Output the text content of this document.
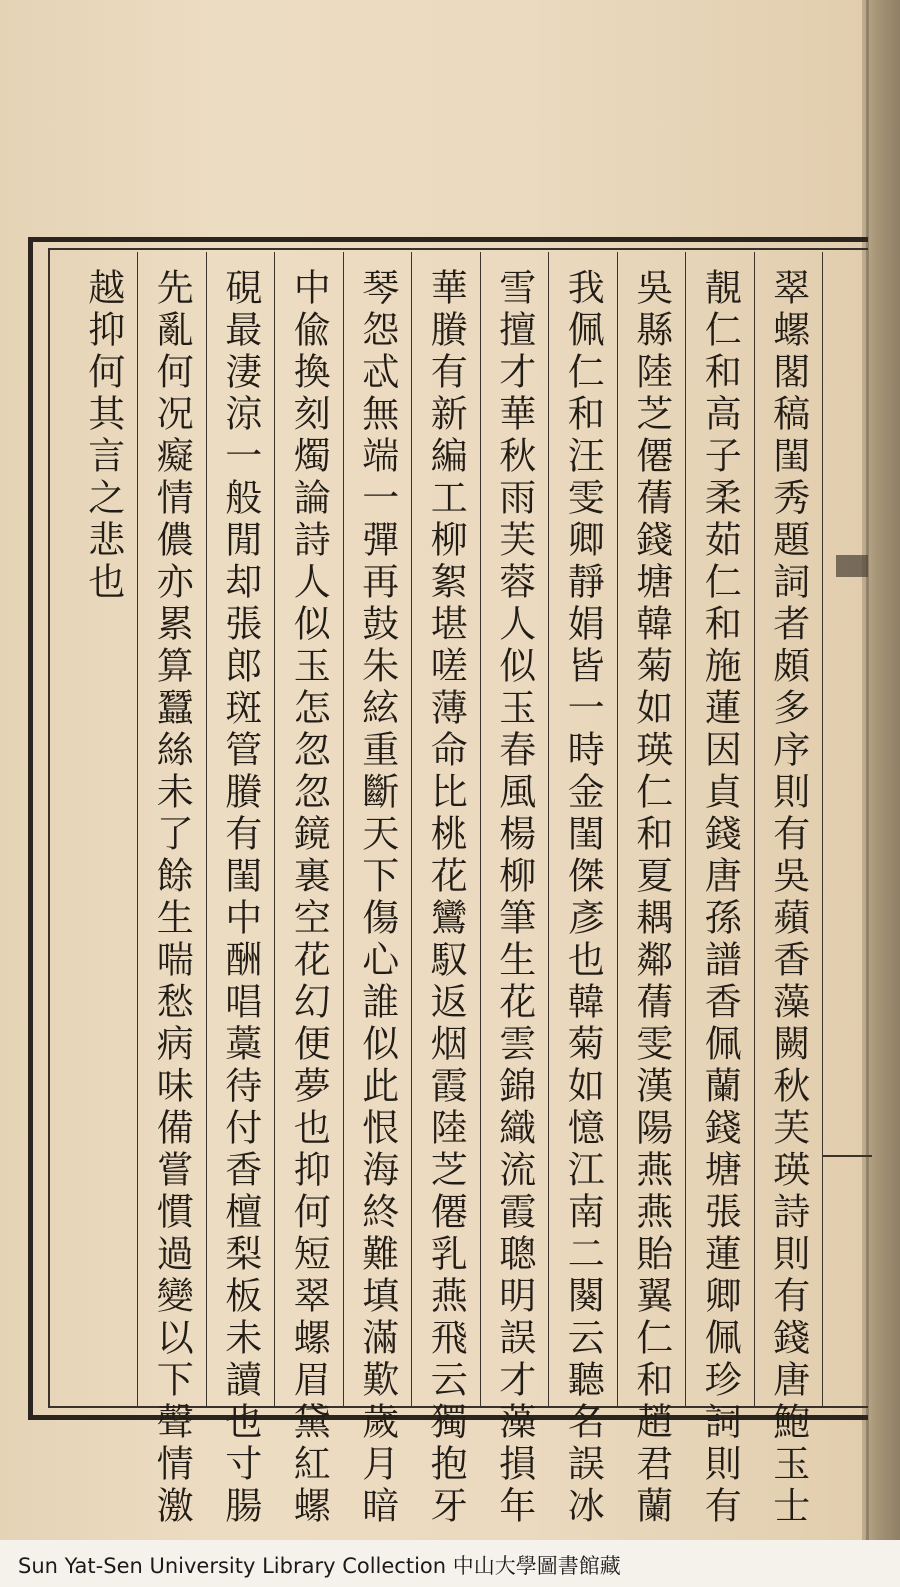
翠螺閣稿閨秀題詞者頗多序則有吳蘋香藻闕秋芙瑛詩則有錢唐鮑玉士
靚仁和高子柔茹仁和施蓮因貞錢唐孫譜香佩蘭錢塘張蓮卿佩珍詞則有
吳縣陸芝僊蒨錢塘韓菊如瑛仁和夏耦鄰蒨雯漢陽燕燕貽翼仁和趙君蘭
我佩仁和汪雯卿靜娟皆一時金閨傑彥也韓菊如憶江南二闋云聽名誤冰
雪擅才華秋雨芙蓉人似玉春風楊柳筆生花雲錦織流霞聰明誤才藻損年
華賸有新編工柳絮堪嗟薄命比桃花鸞馭返烟霞陸芝僊乳燕飛云獨抱牙
琴怨忒無端一彈再鼓朱絃重斷天下傷心誰似此恨海終難填滿歎歲月暗
中偸換刻燭論詩人似玉怎忽忽鏡裏空花幻便夢也抑何短翠螺眉黛紅螺
硯最淒涼一般閒却張郎斑管賸有閨中酬唱藁待付香檀梨板未讀也寸腸
先亂何况癡情儂亦累算蠶絲未了餘生喘愁病味備嘗慣過變以下聲情激
越抑何其言之悲也
Sun Yat-Sen University Library Collection 中山大學圖書館藏
